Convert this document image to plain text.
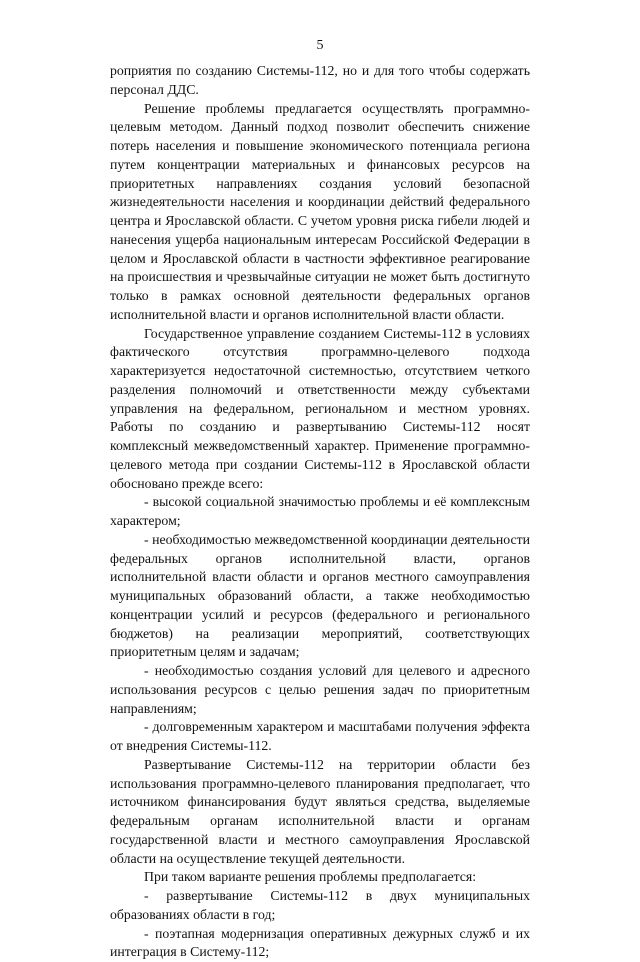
5

роприятия по созданию Системы-112, но и для того чтобы содержать персонал ДДС.

Решение проблемы предлагается осуществлять программно-целевым методом. Данный подход позволит обеспечить снижение потерь населения и повышение экономического потенциала региона путем концентрации материальных и финансовых ресурсов на приоритетных направлениях создания условий безопасной жизнедеятельности населения и координации действий федерального центра и Ярославской области. С учетом уровня риска гибели людей и нанесения ущерба национальным интересам Российской Федерации в целом и Ярославской области в частности эффективное реагирование на происшествия и чрезвычайные ситуации не может быть достигнуто только в рамках основной деятельности федеральных органов исполнительной власти и органов исполнительной власти области.

Государственное управление созданием Системы-112 в условиях фактического отсутствия программно-целевого подхода характеризуется недостаточной системностью, отсутствием четкого разделения полномочий и ответственности между субъектами управления на федеральном, региональном и местном уровнях. Работы по созданию и развертыванию Системы-112 носят комплексный межведомственный характер. Применение программно-целевого метода при создании Системы-112 в Ярославской области обосновано прежде всего:

- высокой социальной значимостью проблемы и её комплексным характером;

- необходимостью межведомственной координации деятельности федеральных органов исполнительной власти, органов исполнительной власти области и органов местного самоуправления муниципальных образований области, а также необходимостью концентрации усилий и ресурсов (федерального и регионального бюджетов) на реализации мероприятий, соответствующих приоритетным целям и задачам;

- необходимостью создания условий для целевого и адресного использования ресурсов с целью решения задач по приоритетным направлениям;

- долговременным характером и масштабами получения эффекта от внедрения Системы-112.

Развертывание Системы-112 на территории области без использования программно-целевого планирования предполагает, что источником финансирования будут являться средства, выделяемые федеральным органам исполнительной власти и органам государственной власти и местного самоуправления Ярославской области на осуществление текущей деятельности.

При таком варианте решения проблемы предполагается:

- развертывание Системы-112 в двух муниципальных образованиях области в год;

- поэтапная модернизация оперативных дежурных служб и их интеграция в Систему-112;
